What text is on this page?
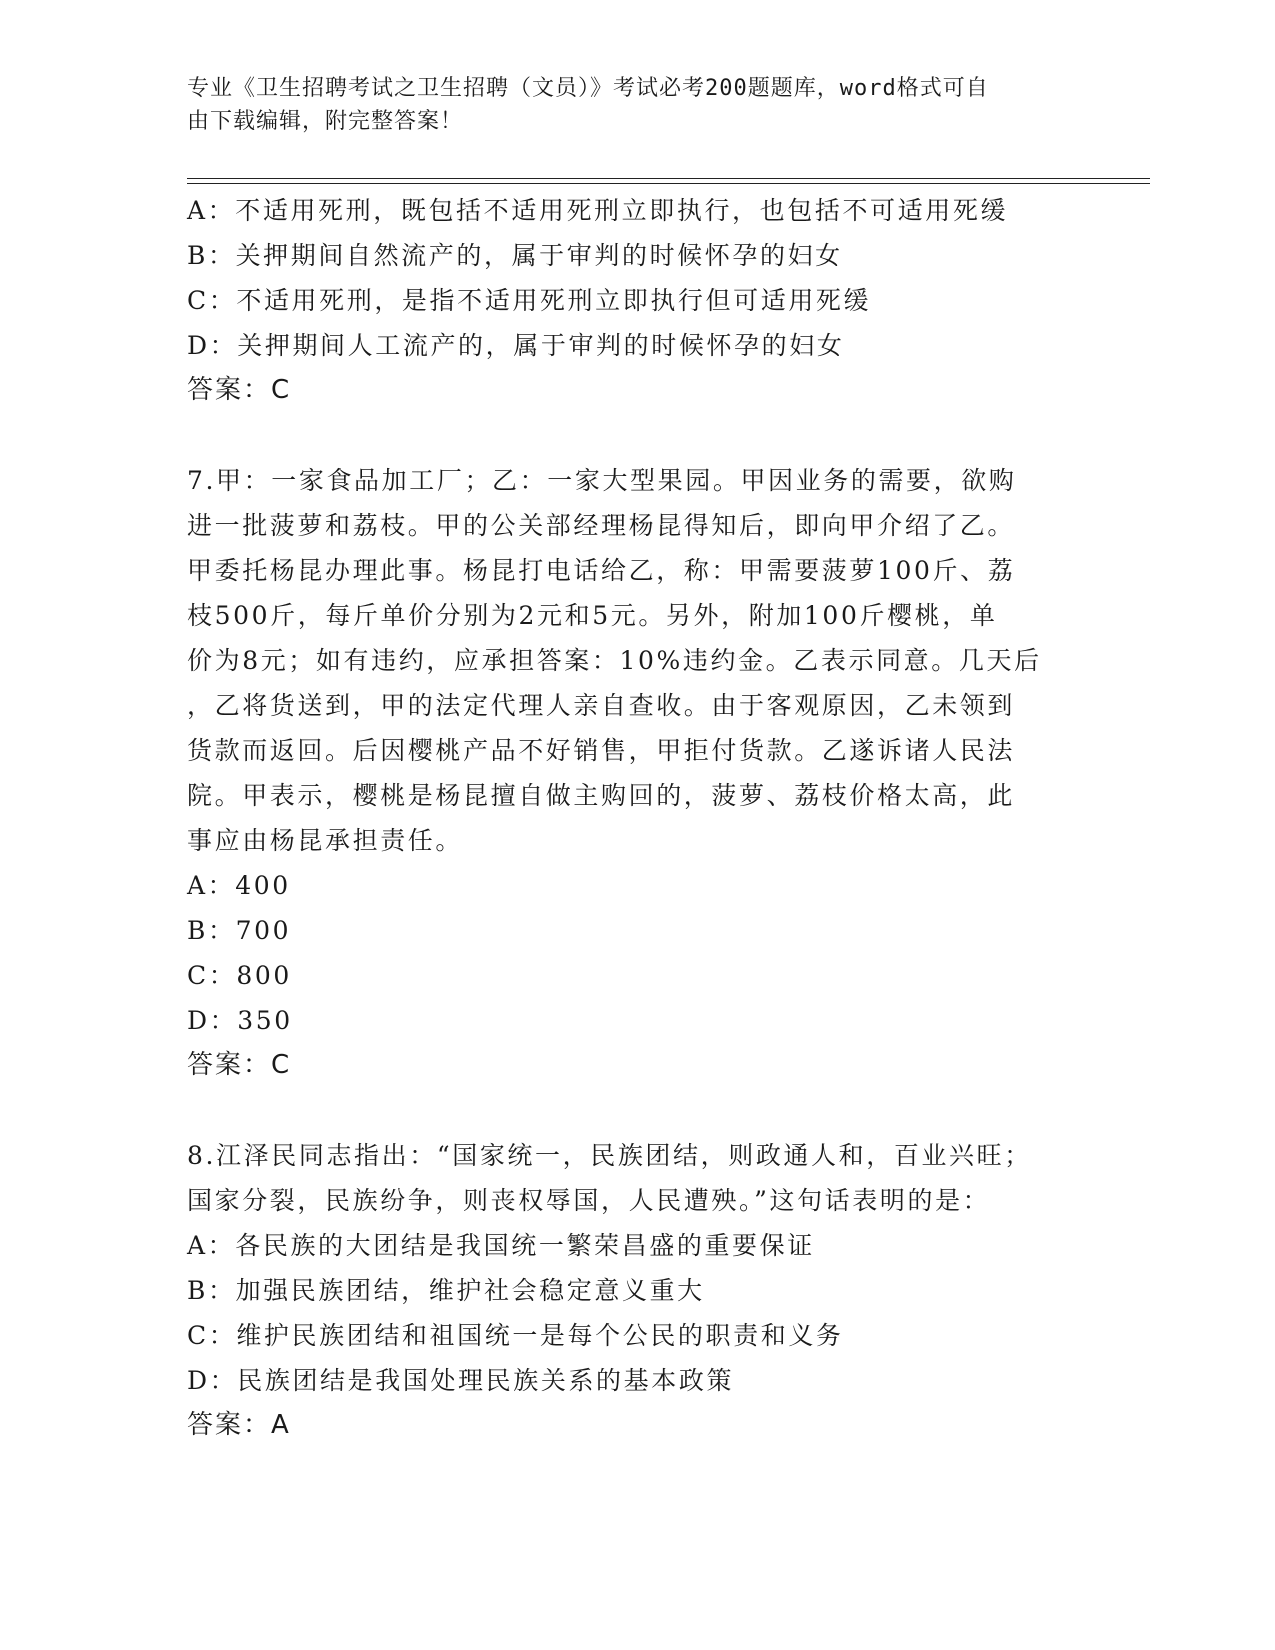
专业《卫生招聘考试之卫生招聘（文员）》考试必考200题题库，word格式可自
由下载编辑，附完整答案！
A：不适用死刑，既包括不适用死刑立即执行，也包括不可适用死缓
B：关押期间自然流产的，属于审判的时候怀孕的妇女
C：不适用死刑，是指不适用死刑立即执行但可适用死缓
D：关押期间人工流产的，属于审判的时候怀孕的妇女
答案：C
7.甲：一家食品加工厂；乙：一家大型果园。甲因业务的需要，欲购
进一批菠萝和荔枝。甲的公关部经理杨昆得知后，即向甲介绍了乙。
甲委托杨昆办理此事。杨昆打电话给乙，称：甲需要菠萝100斤、荔
枝500斤，每斤单价分别为2元和5元。另外，附加100斤樱桃，单
价为8元；如有违约，应承担答案：10%违约金。乙表示同意。几天后
，乙将货送到，甲的法定代理人亲自查收。由于客观原因，乙未领到
货款而返回。后因樱桃产品不好销售，甲拒付货款。乙遂诉诸人民法
院。甲表示，樱桃是杨昆擅自做主购回的，菠萝、荔枝价格太高，此
事应由杨昆承担责任。
A：400
B：700
C：800
D：350
答案：C
8.江泽民同志指出：“国家统一，民族团结，则政通人和，百业兴旺；
国家分裂，民族纷争，则丧权辱国，人民遭殃。”这句话表明的是：
A：各民族的大团结是我国统一繁荣昌盛的重要保证
B：加强民族团结，维护社会稳定意义重大
C：维护民族团结和祖国统一是每个公民的职责和义务
D：民族团结是我国处理民族关系的基本政策
答案：A
